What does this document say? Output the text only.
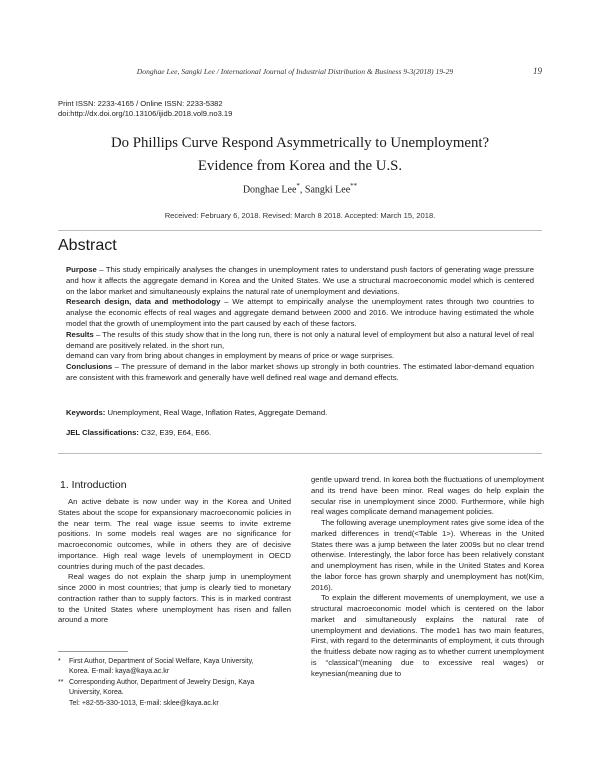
Donghae Lee, Sangki Lee / International Journal of Industrial Distribution & Business 9-3(2018) 19-29	19
Print ISSN: 2233-4165 / Online ISSN: 2233-5382
doi:http://dx.doi.org/10.13106/ijidb.2018.vol9.no3.19
Do Phillips Curve Respond Asymmetrically to Unemployment?
Evidence from Korea and the U.S.
Donghae Lee*, Sangki Lee**
Received: February 6, 2018. Revised: March 8 2018. Accepted: March 15, 2018.
Abstract

Purpose – This study empirically analyses the changes in unemployment rates to understand push factors of generating wage pressure and how it affects the aggregate demand in Korea and the United States. We use a structural macroeconomic model which is centered on the labor market and simultaneously explains the natural rate of unemployment and deviations.

Research design, data and methodology – We attempt to empirically analyse the unemployment rates through two countries to analyse the economic effects of real wages and aggregate demand between 2000 and 2016. We introduce having estimated the whole model that the growth of unemployment into the part caused by each of these factors.

Results – The results of this study show that in the long run, there is not only a natural level of employment but also a natural level of real demand are positively related. in the short run,

demand can vary from bring about changes in employment by means of price or wage surprises.

Conclusions – The pressure of demand in the labor market shows up strongly in both countries. The estimated labor-demand equation are consistent with this framework and generally have well defined real wage and demand effects.

Keywords: Unemployment, Real Wage, Inflation Rates, Aggregate Demand.
JEL Classifications: C32, E39, E64, E66.
1. Introduction

An active debate is now under way in the Korea and United States about the scope for expansionary macroeconomic policies in the near term. The real wage issue seems to invite extreme positions. In some models real wages are no significance for macroeconomic outcomes, while in others they are of decisive importance. High real wage levels of unemployment in OECD countries during much of the past decades.

Real wages do not explain the sharp jump in unemployment since 2000 in most countries; that jump is clearly tied to monetary contraction rather than to supply factors. This is in marked contrast to the United States where unemployment has risen and fallen around a more

gentle upward trend. In korea both the fluctuations of unemployment and its trend have been minor. Real wages do help explain the secular rise in unemployment since 2000. Furthermore, while high real wages complicate demand management policies.

The following average unemployment rates give some idea of the marked differences in trend(<Table 1>). Whereas in the United States there was a jump between the later 2009s but no clear trend otherwise. Interestingly, the labor force has been relatively constant and unemployment has risen, while in the United States and Korea the labor force has grown sharply and unemployment has not(Kim, 2016).

To explain the different movements of unemployment, we use a structural macroeconomic model which is centered on the labor market and simultaneously explains the natural rate of unemployment and deviations. The mode1 has two main features, First, with regard to the determinants of employment, it cuts through the fruitless debate now raging as to whether current unemployment is “classical”(meaning due to excessive real wages) or keynesian(meaning due to

*	First Author, Department of Social Welfare, Kaya University,
Korea. E-mail: kaya@kaya.ac.kr
** Corresponding Author, Department of Jewelry Design, Kaya
University, Korea.
Tel: +82-55-330-1013, E-mail: sklee@kaya.ac.kr
